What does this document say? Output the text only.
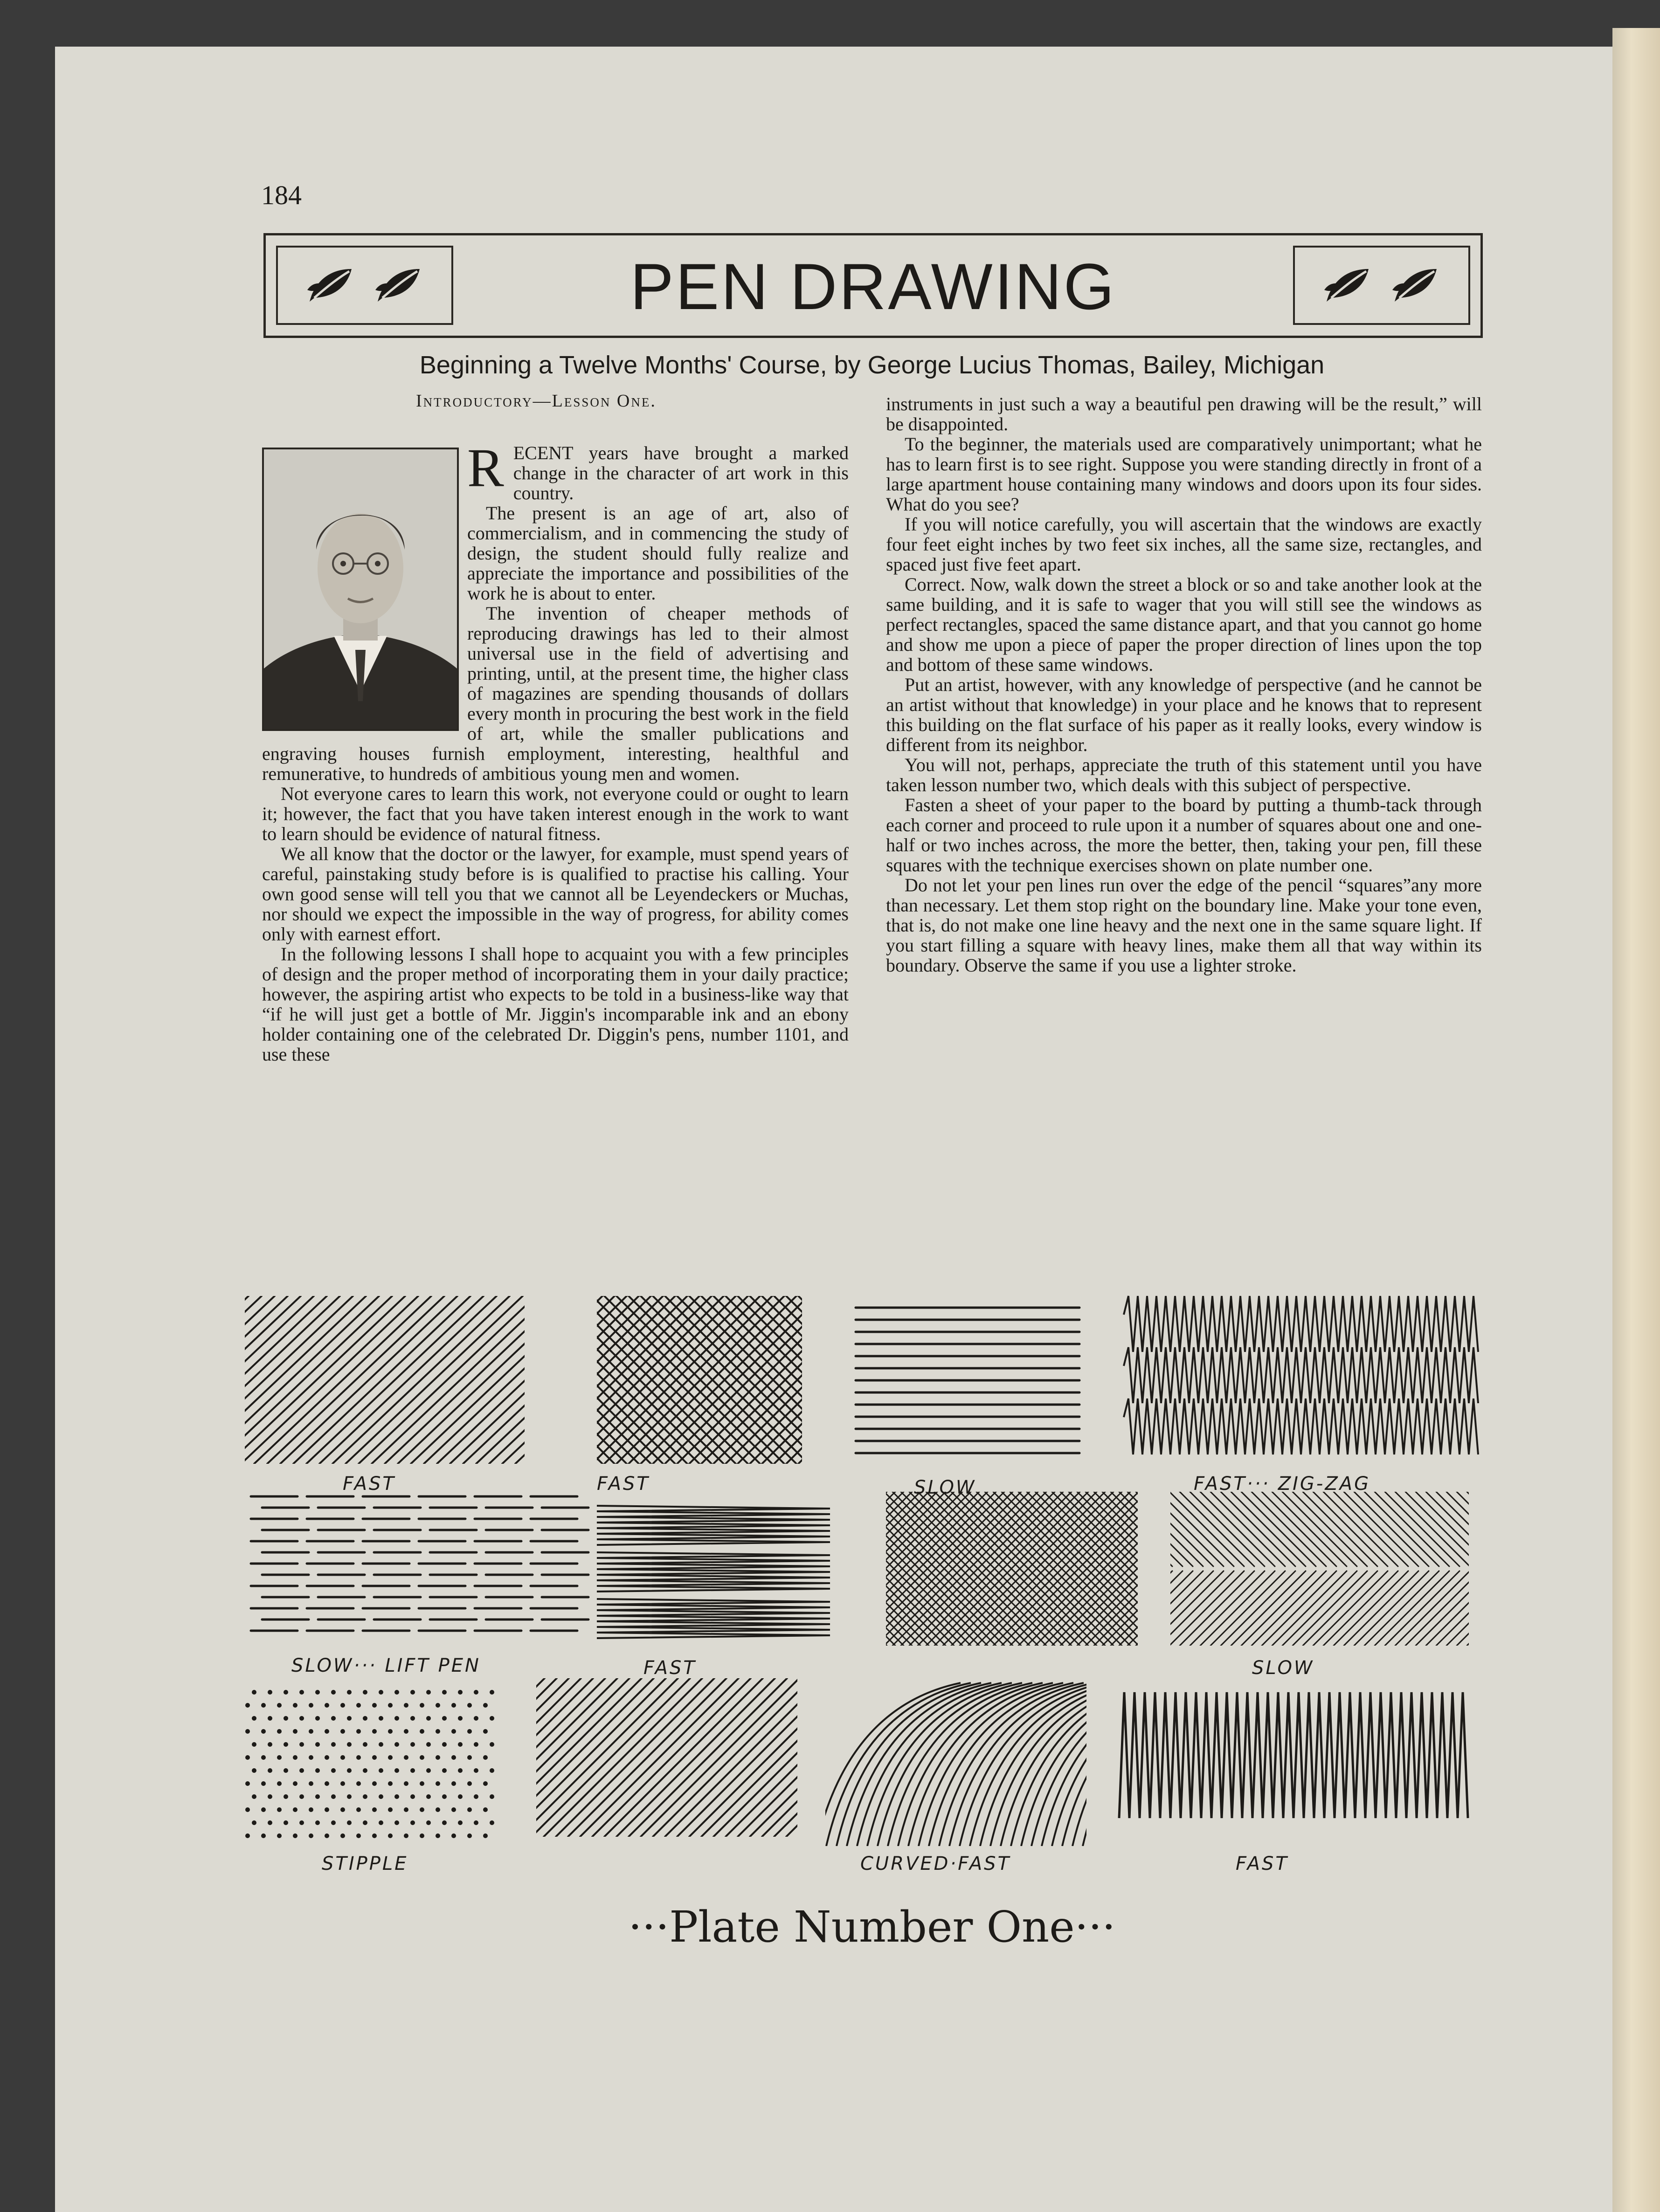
184
PEN DRAWING
Beginning a Twelve Months' Course, by George Lucius Thomas, Bailey, Michigan
Introductory—Lesson One.

RECENT years have brought a marked change in the character of art work in this country.

The present is an age of art, also of commercialism, and in commencing the study of design, the student should fully realize and appreciate the importance and possibilities of the work he is about to enter.

The invention of cheaper methods of reproducing drawings has led to their almost universal use in the field of advertising and printing, until, at the present time, the higher class of magazines are spending thousands of dollars every month in procuring the best work in the field of art, while the smaller publications and engraving houses furnish employment, interesting, healthful and remunerative, to hundreds of ambitious young men and women.

Not everyone cares to learn this work, not everyone could or ought to learn it; however, the fact that you have taken interest enough in the work to want to learn should be evidence of natural fitness.

We all know that the doctor or the lawyer, for example, must spend years of careful, painstaking study before is is qualified to practise his calling. Your own good sense will tell you that we cannot all be Leyendeckers or Muchas, nor should we expect the impossible in the way of progress, for ability comes only with earnest effort.

In the following lessons I shall hope to acquaint you with a few principles of design and the proper method of incorporating them in your daily practice; however, the aspiring artist who expects to be told in a business-like way that “if he will just get a bottle of Mr. Jiggin's incomparable ink and an ebony holder containing one of the celebrated Dr. Diggin's pens, number 1101, and use these

instruments in just such a way a beautiful pen drawing will be the result,” will be disappointed.

To the beginner, the materials used are comparatively unimportant; what he has to learn first is to see right. Suppose you were standing directly in front of a large apartment house containing many windows and doors upon its four sides. What do you see?

If you will notice carefully, you will ascertain that the windows are exactly four feet eight inches by two feet six inches, all the same size, rectangles, and spaced just five feet apart.

Correct. Now, walk down the street a block or so and take another look at the same building, and it is safe to wager that you will still see the windows as perfect rectangles, spaced the same distance apart, and that you cannot go home and show me upon a piece of paper the proper direction of lines upon the top and bottom of these same windows.

Put an artist, however, with any knowledge of perspective (and he cannot be an artist without that knowledge) in your place and he knows that to represent this building on the flat surface of his paper as it really looks, every window is different from its neighbor.

You will not, perhaps, appreciate the truth of this statement until you have taken lesson number two, which deals with this subject of perspective.

Fasten a sheet of your paper to the board by putting a thumb-tack through each corner and proceed to rule upon it a number of squares about one and one-half or two inches across, the more the better, then, taking your pen, fill these squares with the technique exercises shown on plate number one.

Do not let your pen lines run over the edge of the pencil “squares”any more than necessary. Let them stop right on the boundary line. Make your tone even, that is, do not make one line heavy and the next one in the same square light. If you start filling a square with heavy lines, make them all that way within its boundary. Observe the same if you use a lighter stroke.

FAST	FAST	SLOW	FAST··· ZIG-ZAG
SLOW··· LIFT PEN	FAST	SLOW
STIPPLE	CURVED·FAST	FAST
···Plate Number One···
